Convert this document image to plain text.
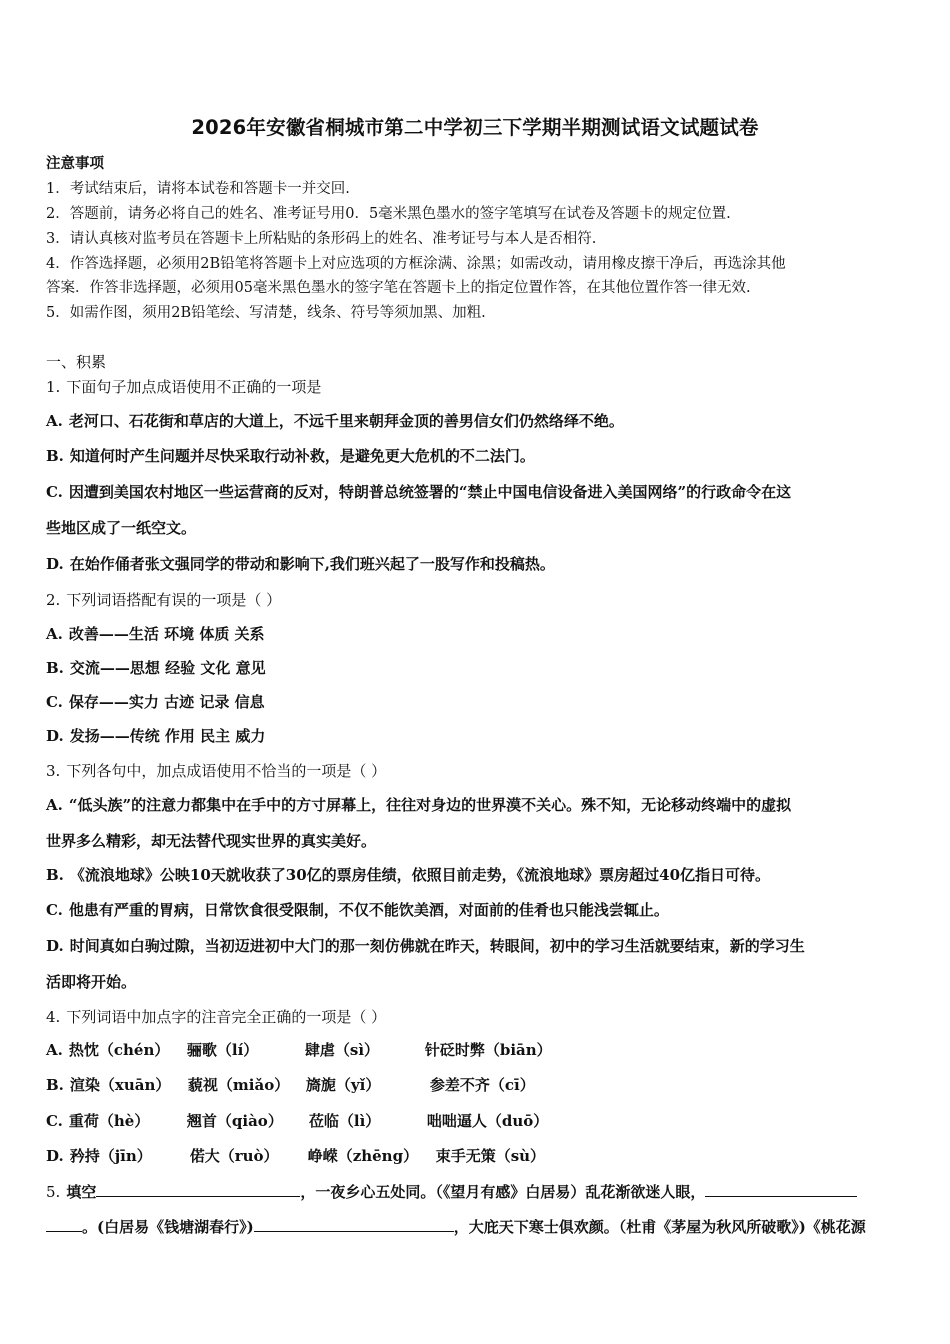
2026年安徽省桐城市第二中学初三下学期半期测试语文试题试卷
注意事项
1．考试结束后，请将本试卷和答题卡一并交回.
2．答题前，请务必将自己的姓名、准考证号用0．5毫米黑色墨水的签字笔填写在试卷及答题卡的规定位置.
3．请认真核对监考员在答题卡上所粘贴的条形码上的姓名、准考证号与本人是否相符.
4．作答选择题，必须用2B铅笔将答题卡上对应选项的方框涂满、涂黑；如需改动，请用橡皮擦干净后，再选涂其他
答案．作答非选择题，必须用05毫米黑色墨水的签字笔在答题卡上的指定位置作答，在其他位置作答一律无效.
5．如需作图，须用2B铅笔绘、写清楚，线条、符号等须加黑、加粗.
一、积累
1. 下面句子加点成语使用不正确的一项是
A. 老河口、石花街和草店的大道上，不远千里来朝拜金顶的善男信女们仍然络绎不绝。
B. 知道何时产生问题并尽快采取行动补救，是避免更大危机的不二法门。
C. 因遭到美国农村地区一些运营商的反对，特朗普总统签署的“禁止中国电信设备进入美国网络”的行政命令在这
些地区成了一纸空文。
D. 在始作俑者张文强同学的带动和影响下,我们班兴起了一股写作和投稿热。
2. 下列词语搭配有误的一项是（ ）
A. 改善——生活 环境 体质 关系
B. 交流——思想 经验 文化 意见
C. 保存——实力 古迹 记录 信息
D. 发扬——传统 作用 民主 威力
3. 下列各句中，加点成语使用不恰当的一项是（ ）
A. “低头族”的注意力都集中在手中的方寸屏幕上，往往对身边的世界漠不关心。殊不知，无论移动终端中的虚拟
世界多么精彩，却无法替代现实世界的真实美好。
B. 《流浪地球》公映10天就收获了30亿的票房佳绩，依照目前走势，《流浪地球》票房超过40亿指日可待。
C. 他患有严重的胃病，日常饮食很受限制，不仅不能饮美酒，对面前的佳肴也只能浅尝辄止。
D. 时间真如白驹过隙，当初迈进初中大门的那一刻仿佛就在昨天，转眼间，初中的学习生活就要结束，新的学习生
活即将开始。
4. 下列词语中加点字的注音完全正确的一项是（ ）
A. 热忱（chén） 骊歌（lí）	肆虐（sì）	针砭时弊（biān）
B. 渲染（xuān） 藐视（miǎo） 旖旎（yǐ）	参差不齐（cī）
C. 重荷（hè）	翘首（qiào） 莅临（lì）	咄咄逼人（duō）
D. 矜持（jīn）	偌大（ruò） 峥嵘（zhēng） 束手无策（sù）
5. 填空	，一夜乡心五处同。（《望月有感》白居易）乱花渐欲迷人眼，
。(白居易《钱塘湖春行》)	，大庇天下寒士俱欢颜。（杜甫《茅屋为秋风所破歌》)《桃花源
